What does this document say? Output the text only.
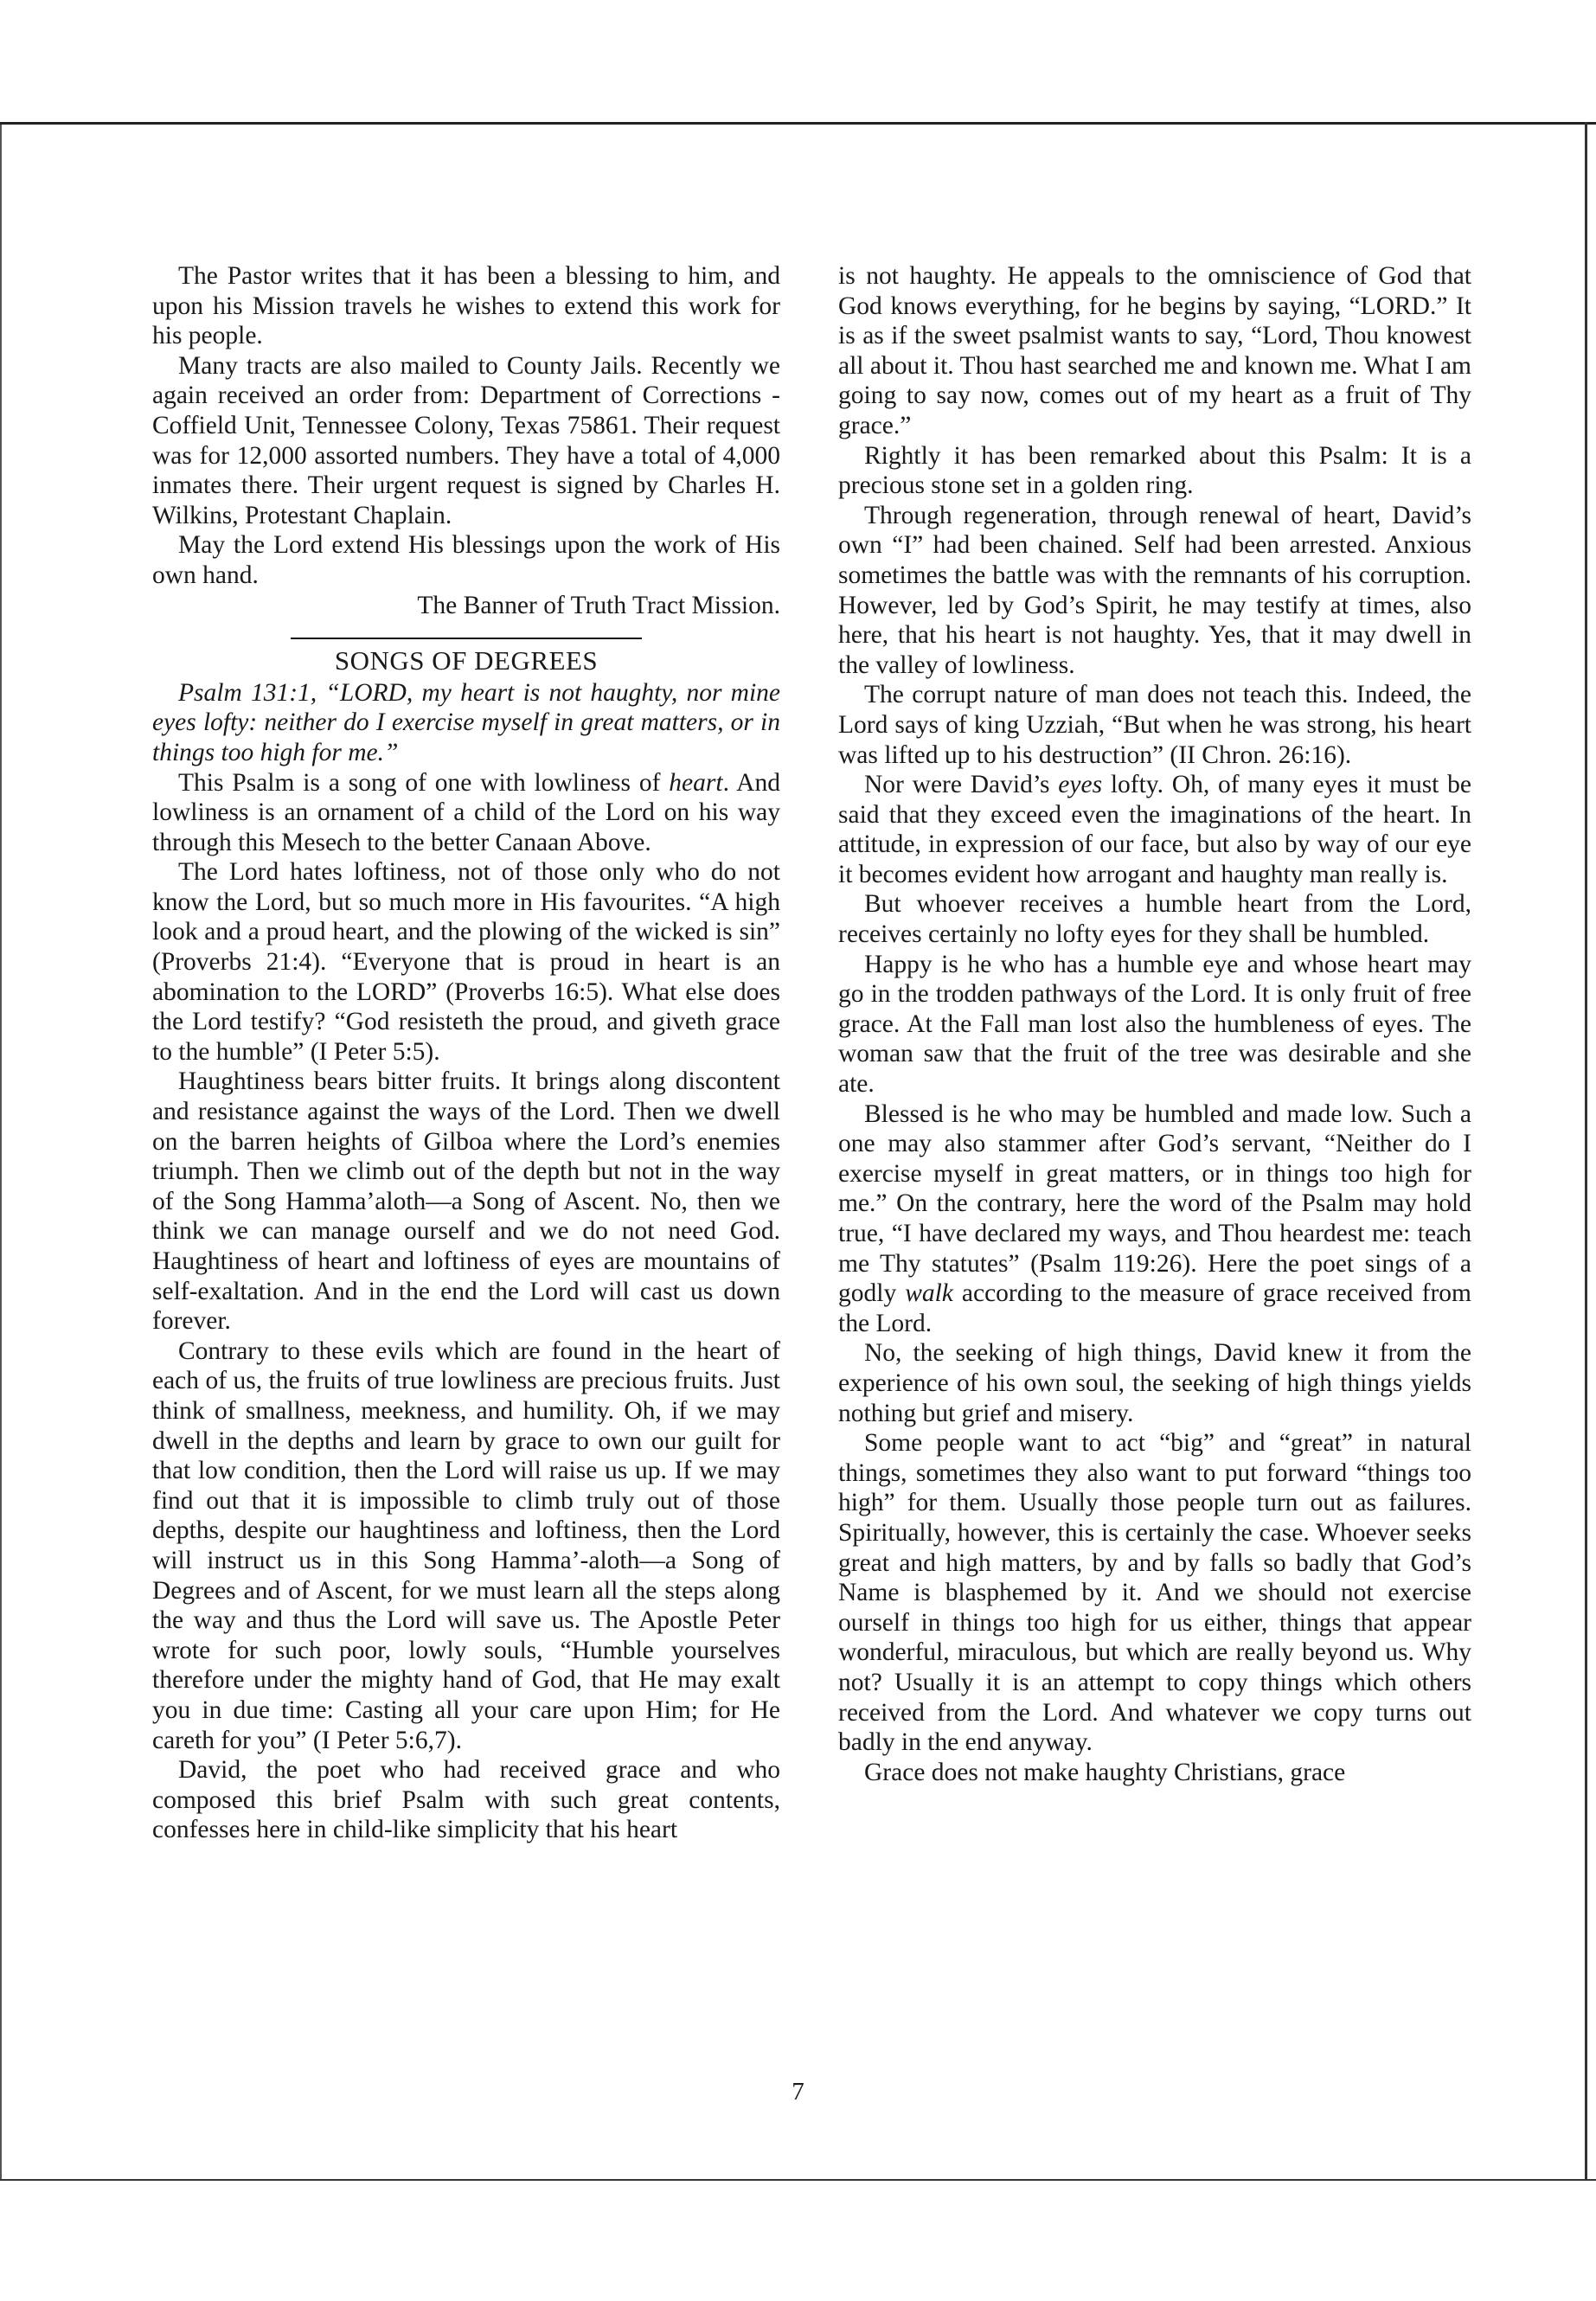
The Pastor writes that it has been a blessing to him, and upon his Mission travels he wishes to extend this work for his people.

Many tracts are also mailed to County Jails. Recently we again received an order from: Department of Corrections - Coffield Unit, Tennessee Colony, Texas 75861. Their request was for 12,000 assorted numbers. They have a total of 4,000 inmates there. Their urgent request is signed by Charles H. Wilkins, Protestant Chaplain.

May the Lord extend His blessings upon the work of His own hand.

The Banner of Truth Tract Mission.

SONGS OF DEGREES

Psalm 131:1, “LORD, my heart is not haughty, nor mine eyes lofty: neither do I exercise myself in great matters, or in things too high for me.”

This Psalm is a song of one with lowliness of heart. And lowliness is an ornament of a child of the Lord on his way through this Mesech to the better Canaan Above.

The Lord hates loftiness, not of those only who do not know the Lord, but so much more in His favourites. “A high look and a proud heart, and the plowing of the wicked is sin” (Proverbs 21:4). “Everyone that is proud in heart is an abomination to the LORD” (Proverbs 16:5). What else does the Lord testify? “God resisteth the proud, and giveth grace to the humble” (I Peter 5:5).

Haughtiness bears bitter fruits. It brings along discontent and resistance against the ways of the Lord. Then we dwell on the barren heights of Gilboa where the Lord’s enemies triumph. Then we climb out of the depth but not in the way of the Song Hamma’aloth—a Song of Ascent. No, then we think we can manage ourself and we do not need God. Haughtiness of heart and loftiness of eyes are mountains of self-exaltation. And in the end the Lord will cast us down forever.

Contrary to these evils which are found in the heart of each of us, the fruits of true lowliness are precious fruits. Just think of smallness, meekness, and humility. Oh, if we may dwell in the depths and learn by grace to own our guilt for that low condition, then the Lord will raise us up. If we may find out that it is impossible to climb truly out of those depths, despite our haughtiness and loftiness, then the Lord will instruct us in this Song Hamma’-aloth—a Song of Degrees and of Ascent, for we must learn all the steps along the way and thus the Lord will save us. The Apostle Peter wrote for such poor, lowly souls, “Humble yourselves therefore under the mighty hand of God, that He may exalt you in due time: Casting all your care upon Him; for He careth for you” (I Peter 5:6,7).

David, the poet who had received grace and who composed this brief Psalm with such great contents, confesses here in child-like simplicity that his heart

is not haughty. He appeals to the omniscience of God that God knows everything, for he begins by saying, “LORD.” It is as if the sweet psalmist wants to say, “Lord, Thou knowest all about it. Thou hast searched me and known me. What I am going to say now, comes out of my heart as a fruit of Thy grace.”

Rightly it has been remarked about this Psalm: It is a precious stone set in a golden ring.

Through regeneration, through renewal of heart, David’s own “I” had been chained. Self had been arrested. Anxious sometimes the battle was with the remnants of his corruption. However, led by God’s Spirit, he may testify at times, also here, that his heart is not haughty. Yes, that it may dwell in the valley of lowliness.

The corrupt nature of man does not teach this. Indeed, the Lord says of king Uzziah, “But when he was strong, his heart was lifted up to his destruction” (II Chron. 26:16).

Nor were David’s eyes lofty. Oh, of many eyes it must be said that they exceed even the imaginations of the heart. In attitude, in expression of our face, but also by way of our eye it becomes evident how arrogant and haughty man really is.

But whoever receives a humble heart from the Lord, receives certainly no lofty eyes for they shall be humbled.

Happy is he who has a humble eye and whose heart may go in the trodden pathways of the Lord. It is only fruit of free grace. At the Fall man lost also the humbleness of eyes. The woman saw that the fruit of the tree was desirable and she ate.

Blessed is he who may be humbled and made low. Such a one may also stammer after God’s servant, “Neither do I exercise myself in great matters, or in things too high for me.” On the contrary, here the word of the Psalm may hold true, “I have declared my ways, and Thou heardest me: teach me Thy statutes” (Psalm 119:26). Here the poet sings of a godly walk according to the measure of grace received from the Lord.

No, the seeking of high things, David knew it from the experience of his own soul, the seeking of high things yields nothing but grief and misery.

Some people want to act “big” and “great” in natural things, sometimes they also want to put forward “things too high” for them. Usually those people turn out as failures. Spiritually, however, this is certainly the case. Whoever seeks great and high matters, by and by falls so badly that God’s Name is blasphemed by it. And we should not exercise ourself in things too high for us either, things that appear wonderful, miraculous, but which are really beyond us. Why not? Usually it is an attempt to copy things which others received from the Lord. And whatever we copy turns out badly in the end anyway.

Grace does not make haughty Christians, grace

7
